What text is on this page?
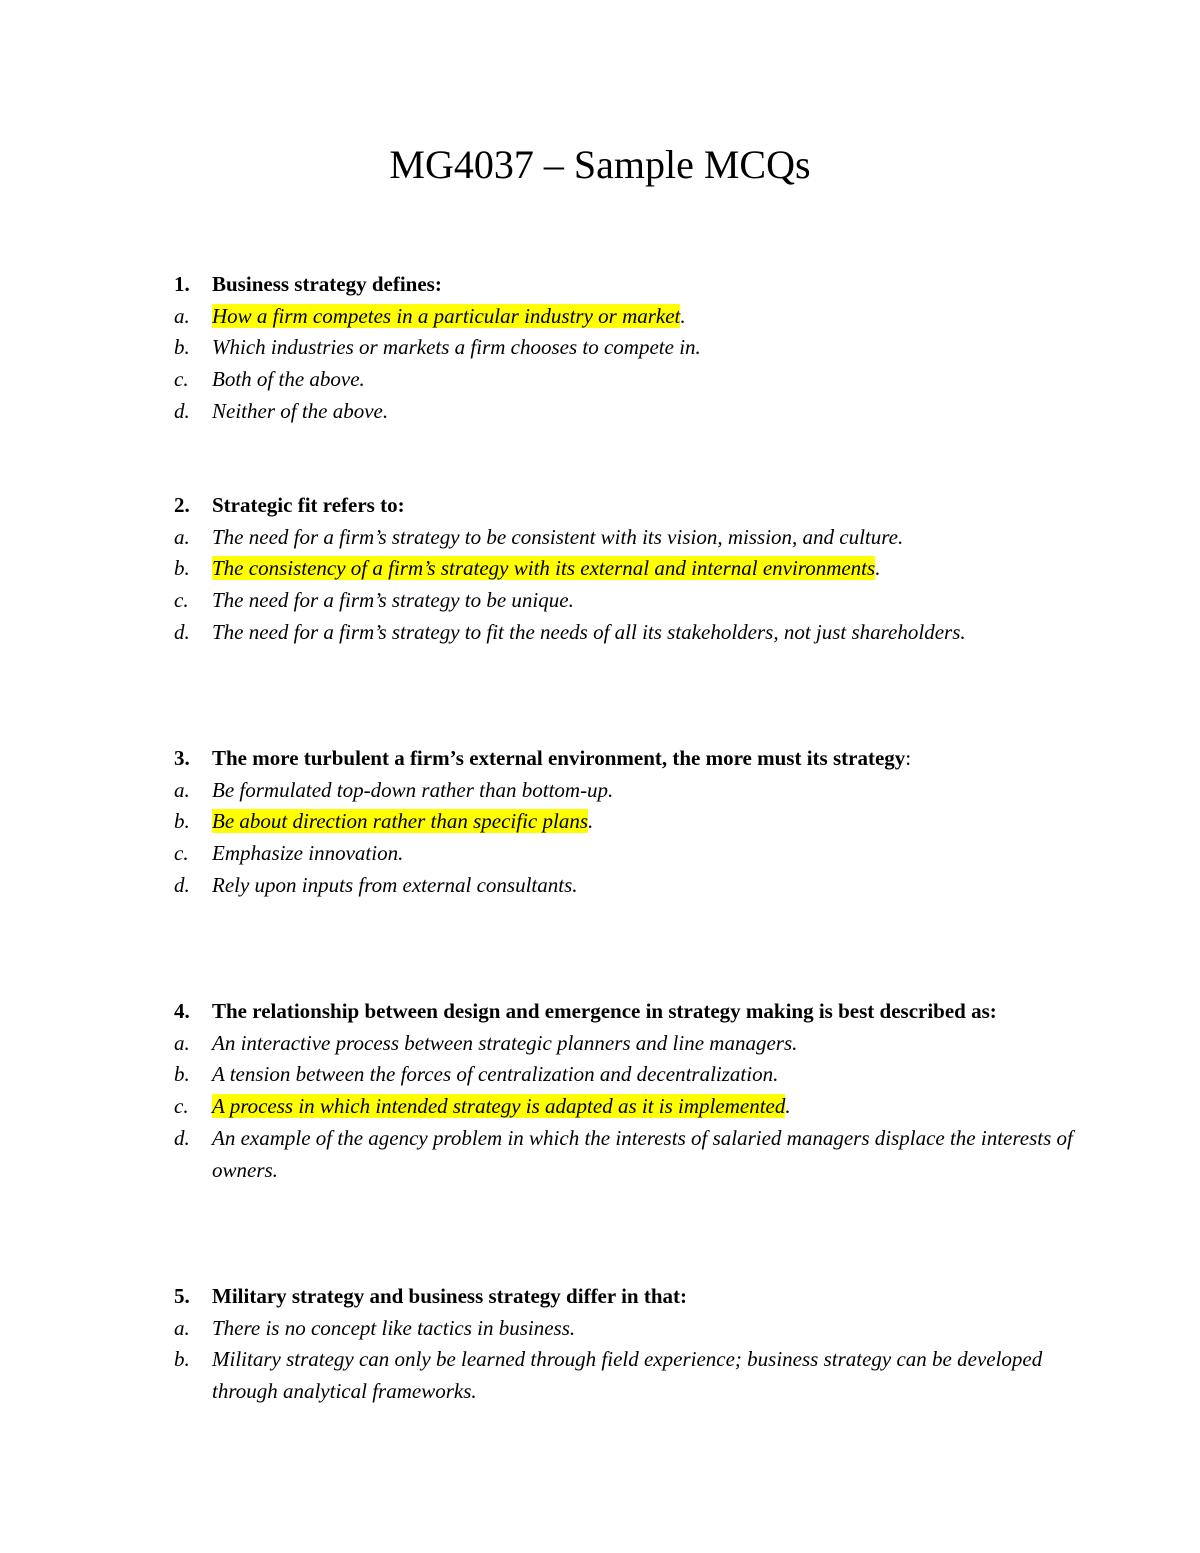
MG4037 – Sample MCQs
1. Business strategy defines:
a. How a firm competes in a particular industry or market.
b. Which industries or markets a firm chooses to compete in.
c. Both of the above.
d. Neither of the above.
2. Strategic fit refers to:
a. The need for a firm’s strategy to be consistent with its vision, mission, and culture.
b. The consistency of a firm’s strategy with its external and internal environments.
c. The need for a firm’s strategy to be unique.
d. The need for a firm’s strategy to fit the needs of all its stakeholders, not just shareholders.
3. The more turbulent a firm’s external environment, the more must its strategy:
a. Be formulated top-down rather than bottom-up.
b. Be about direction rather than specific plans.
c. Emphasize innovation.
d. Rely upon inputs from external consultants.
4. The relationship between design and emergence in strategy making is best described as:
a. An interactive process between strategic planners and line managers.
b. A tension between the forces of centralization and decentralization.
c. A process in which intended strategy is adapted as it is implemented.
d. An example of the agency problem in which the interests of salaried managers displace the interests of owners.
5. Military strategy and business strategy differ in that:
a. There is no concept like tactics in business.
b. Military strategy can only be learned through field experience; business strategy can be developed through analytical frameworks.
